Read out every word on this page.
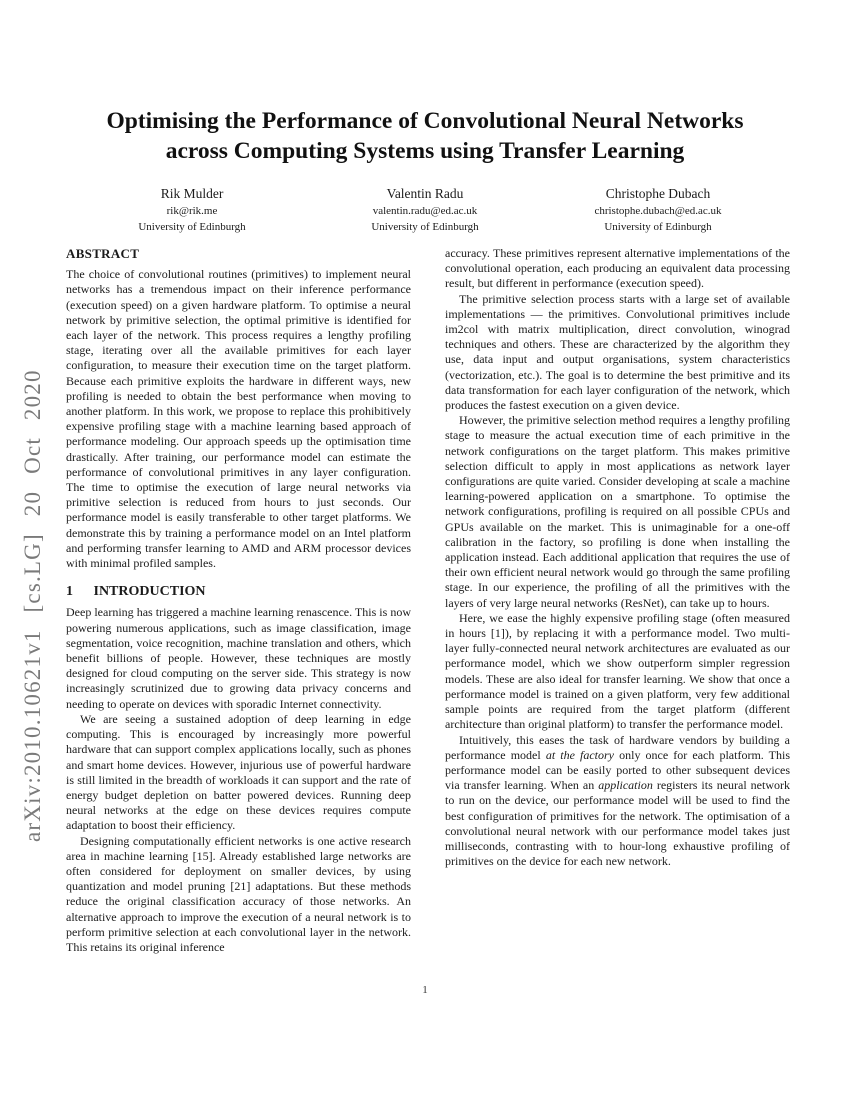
arXiv:2010.10621v1 [cs.LG] 20 Oct 2020
Optimising the Performance of Convolutional Neural Networks
across Computing Systems using Transfer Learning
Rik Mulder
rik@rik.me
University of Edinburgh
Valentin Radu
valentin.radu@ed.ac.uk
University of Edinburgh
Christophe Dubach
christophe.dubach@ed.ac.uk
University of Edinburgh
ABSTRACT

The choice of convolutional routines (primitives) to implement neural networks has a tremendous impact on their inference performance (execution speed) on a given hardware platform. To optimise a neural network by primitive selection, the optimal primitive is identified for each layer of the network. This process requires a lengthy profiling stage, iterating over all the available primitives for each layer configuration, to measure their execution time on the target platform. Because each primitive exploits the hardware in different ways, new profiling is needed to obtain the best performance when moving to another platform. In this work, we propose to replace this prohibitively expensive profiling stage with a machine learning based approach of performance modeling. Our approach speeds up the optimisation time drastically. After training, our performance model can estimate the performance of convolutional primitives in any layer configuration. The time to optimise the execution of large neural networks via primitive selection is reduced from hours to just seconds. Our performance model is easily transferable to other target platforms. We demonstrate this by training a performance model on an Intel platform and performing transfer learning to AMD and ARM processor devices with minimal profiled samples.

1 INTRODUCTION

Deep learning has triggered a machine learning renascence. This is now powering numerous applications, such as image classification, image segmentation, voice recognition, machine translation and others, which benefit billions of people. However, these techniques are mostly designed for cloud computing on the server side. This strategy is now increasingly scrutinized due to growing data privacy concerns and needing to operate on devices with sporadic Internet connectivity.

We are seeing a sustained adoption of deep learning in edge computing. This is encouraged by increasingly more powerful hardware that can support complex applications locally, such as phones and smart home devices. However, injurious use of powerful hardware is still limited in the breadth of workloads it can support and the rate of energy budget depletion on batter powered devices. Running deep neural networks at the edge on these devices requires compute adaptation to boost their efficiency.

Designing computationally efficient networks is one active research area in machine learning [15]. Already established large networks are often considered for deployment on smaller devices, by using quantization and model pruning [21] adaptations. But these methods reduce the original classification accuracy of those networks. An alternative approach to improve the execution of a neural network is to perform primitive selection at each convolutional layer in the network. This retains its original inference

accuracy. These primitives represent alternative implementations of the convolutional operation, each producing an equivalent data processing result, but different in performance (execution speed).

The primitive selection process starts with a large set of available implementations — the primitives. Convolutional primitives include im2col with matrix multiplication, direct convolution, winograd techniques and others. These are characterized by the algorithm they use, data input and output organisations, system characteristics (vectorization, etc.). The goal is to determine the best primitive and its data transformation for each layer configuration of the network, which produces the fastest execution on a given device.

However, the primitive selection method requires a lengthy profiling stage to measure the actual execution time of each primitive in the network configurations on the target platform. This makes primitive selection difficult to apply in most applications as network layer configurations are quite varied. Consider developing at scale a machine learning-powered application on a smartphone. To optimise the network configurations, profiling is required on all possible CPUs and GPUs available on the market. This is unimaginable for a one-off calibration in the factory, so profiling is done when installing the application instead. Each additional application that requires the use of their own efficient neural network would go through the same profiling stage. In our experience, the profiling of all the primitives with the layers of very large neural networks (ResNet), can take up to hours.

Here, we ease the highly expensive profiling stage (often measured in hours [1]), by replacing it with a performance model. Two multi-layer fully-connected neural network architectures are evaluated as our performance model, which we show outperform simpler regression models. These are also ideal for transfer learning. We show that once a performance model is trained on a given platform, very few additional sample points are required from the target platform (different architecture than original platform) to transfer the performance model.

Intuitively, this eases the task of hardware vendors by building a performance model at the factory only once for each platform. This performance model can be easily ported to other subsequent devices via transfer learning. When an application registers its neural network to run on the device, our performance model will be used to find the best configuration of primitives for the network. The optimisation of a convolutional neural network with our performance model takes just milliseconds, contrasting with to hour-long exhaustive profiling of primitives on the device for each new network.

1
